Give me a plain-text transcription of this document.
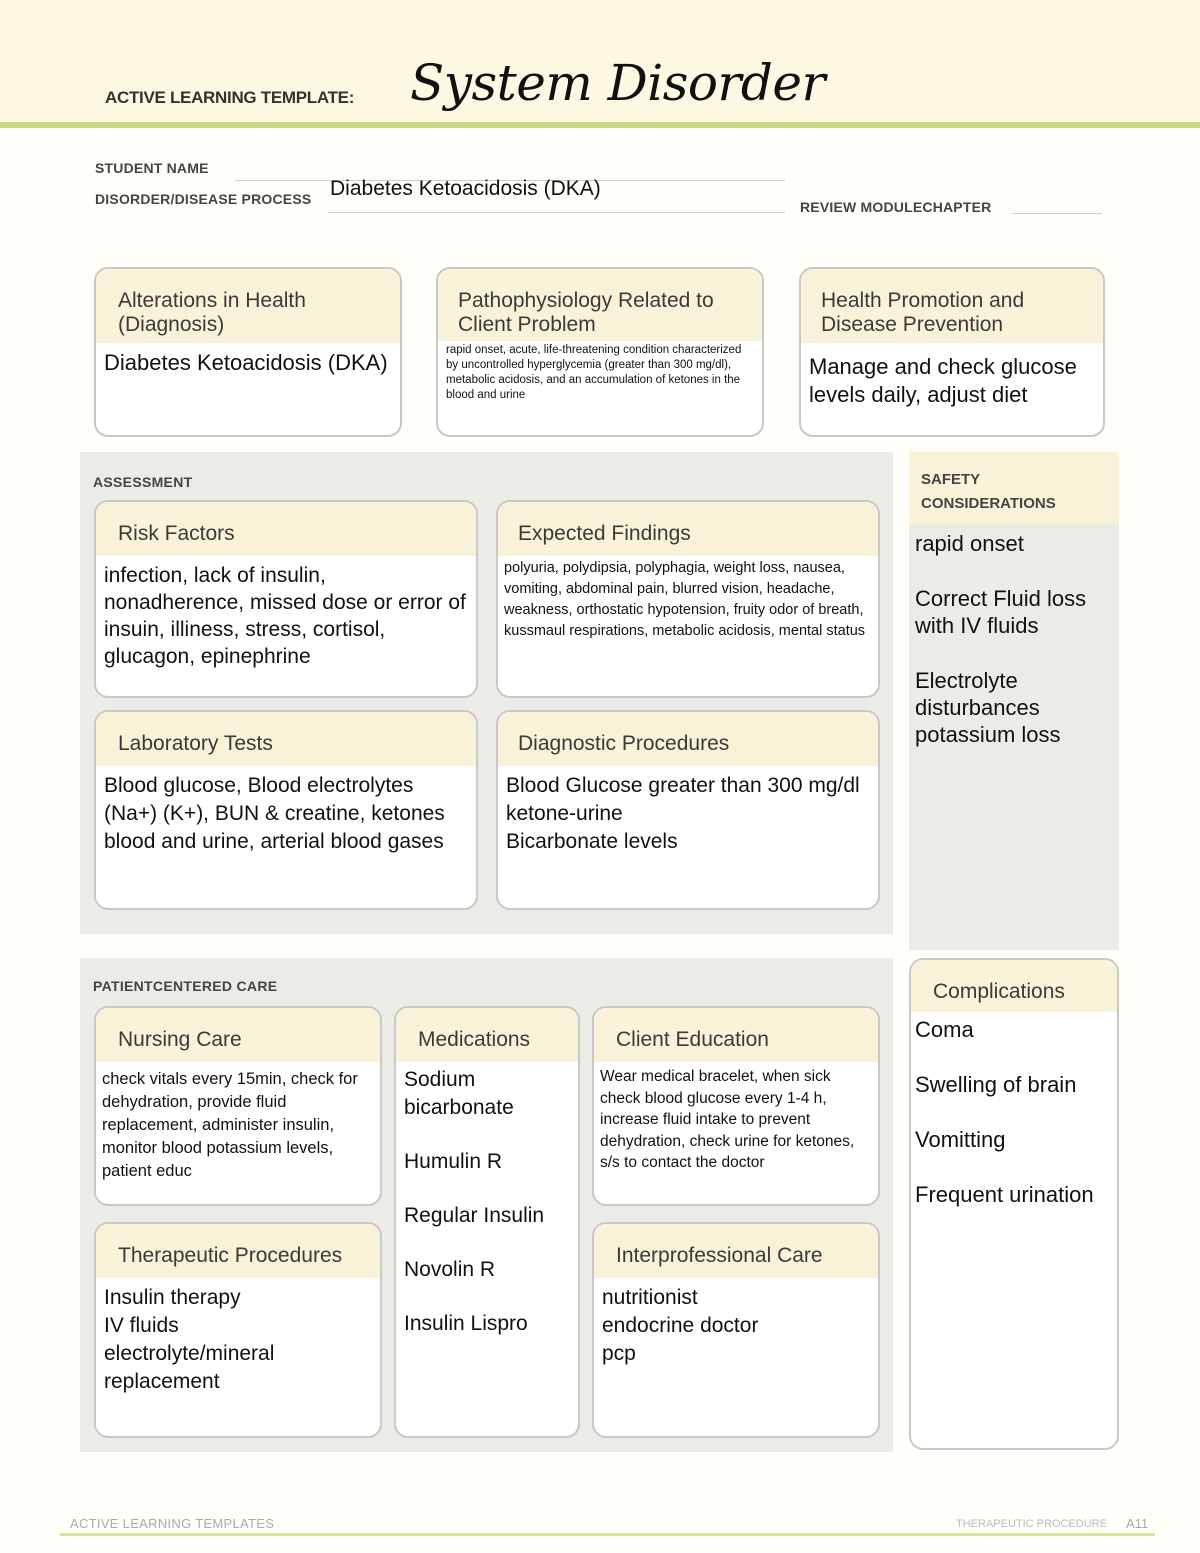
ACTIVE LEARNING TEMPLATE: System Disorder
STUDENT NAME
DISORDER/DISEASE PROCESS Diabetes Ketoacidosis (DKA)
REVIEW MODULECHAPTER
Alterations in Health (Diagnosis)
Diabetes Ketoacidosis (DKA)
Pathophysiology Related to Client Problem
rapid onset, acute, life-threatening condition characterized by uncontrolled hyperglycemia (greater than 300 mg/dl), metabolic acidosis, and an accumulation of ketones in the blood and urine
Health Promotion and Disease Prevention
Manage and check glucose levels daily, adjust diet
ASSESSMENT
Risk Factors
infection, lack of insulin, nonadherence, missed dose or error of insuin, illiness, stress, cortisol, glucagon, epinephrine
Expected Findings
polyuria, polydipsia, polyphagia, weight loss, nausea, vomiting, abdominal pain, blurred vision, headache, weakness, orthostatic hypotension, fruity odor of breath, kussmaul respirations, metabolic acidosis, mental status
Laboratory Tests
Blood glucose, Blood electrolytes (Na+) (K+), BUN & creatine, ketones blood and urine, arterial blood gases
Diagnostic Procedures
Blood Glucose greater than 300 mg/dl
ketone-urine
Bicarbonate levels
SAFETY CONSIDERATIONS
rapid onset
Correct Fluid loss with IV fluids
Electrolyte disturbances potassium loss
PATIENTCENTERED CARE
Nursing Care
check vitals every 15min, check for dehydration, provide fluid replacement, administer insulin, monitor blood potassium levels, patient educ
Medications
Sodium bicarbonate
Humulin R
Regular Insulin
Novolin R
Insulin Lispro
Client Education
Wear medical bracelet, when sick check blood glucose every 1-4 h, increase fluid intake to prevent dehydration, check urine for ketones, s/s to contact the doctor
Therapeutic Procedures
Insulin therapy
IV fluids
electrolyte/mineral replacement
Interprofessional Care
nutritionist
endocrine doctor
pcp
Complications
Coma
Swelling of brain
Vomitting
Frequent urination
ACTIVE LEARNING TEMPLATES	THERAPEUTIC PROCEDURE A11
